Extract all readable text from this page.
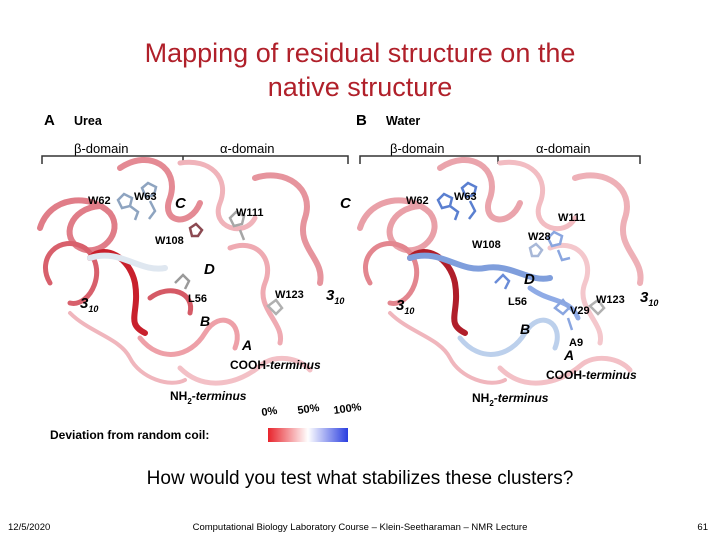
Mapping of residual structure on the
native structure
A Urea
β-domain	α-domain
W62 W63
W111
W108
C
D
L56	W123 $3_{10}$
$3_{10}$
B
A
COOH-terminus
$NH_2$-terminus
B Water
β-domain	α-domain
W62 W63
W111
W108
W28
C
D
L56	W123
V29
A9
$3_{10}$
$3_{10}$
B
A
COOH-terminus
$NH_2$-terminus
Deviation from random coil:
0% 50% 100%
How would you test what stabilizes these clusters?
12/5/2020	Computational Biology Laboratory Course – Klein-Seetharaman – NMR Lecture	61
